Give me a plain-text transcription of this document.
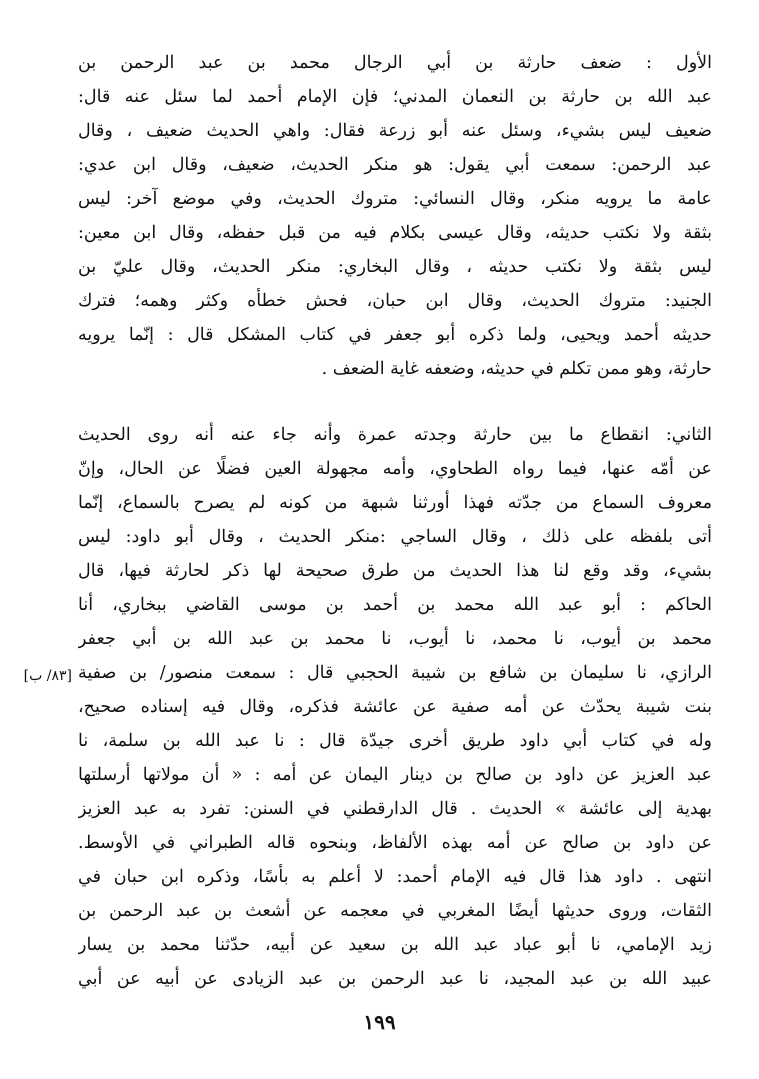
الأول : ضعف حارثة بن أبي الرجال محمد بن عبد الرحمن بن
عبد الله بن حارثة بن النعمان المدني؛ فإن الإمام أحمد لما سئل عنه قال:
ضعيف ليس بشيء، وسئل عنه أبو زرعة فقال: واهي الحديث ضعيف ، وقال
عبد الرحمن: سمعت أبي يقول: هو منكر الحديث، ضعيف، وقال ابن عدي:
عامة ما يرويه منكر، وقال النسائي: متروك الحديث، وفي موضع آخر: ليس
بثقة ولا نكتب حديثه، وقال عيسى بكلام فيه من قبل حفظه، وقال ابن معين:
ليس بثقة ولا نكتب حديثه ، وقال البخاري: منكر الحديث، وقال عليّ بن
الجنيد: متروك الحديث، وقال ابن حبان، فحش خطأه وكثر وهمه؛ فترك
حديثه أحمد ويحيى، ولما ذكره أبو جعفر في كتاب المشكل قال : إنّما يرويه
حارثة، وهو ممن تكلم في حديثه، وضعفه غاية الضعف .
الثاني: انقطاع ما بين حارثة وجدته عمرة وأنه جاء عنه أنه روى الحديث
عن أمّه عنها، فيما رواه الطحاوي، وأمه مجهولة العين فضلًا عن الحال، وإنّ
معروف السماع من جدّته فهذا أورثنا شبهة من كونه لم يصرح بالسماع، إنّما
أتى بلفظه على ذلك ، وقال الساجي :منكر الحديث ، وقال أبو داود: ليس
بشيء، وقد وقع لنا هذا الحديث من طرق صحيحة لها ذكر لحارثة فيها، قال
الحاكم : أبو عبد الله محمد بن أحمد بن موسى القاضي ببخاري، أنا
محمد بن أيوب، نا محمد، نا أيوب، نا محمد بن عبد الله بن أبي جعفر
الرازي، نا سليمان بن شافع بن شيبة الحجبي قال : سمعت منصور/ بن صفية
بنت شيبة يحدّث عن أمه صفية عن عائشة فذكره، وقال فيه إسناده صحيح،
وله في كتاب أبي داود طريق أخرى جيدّة قال : نا عبد الله بن سلمة، نا
عبد العزيز عن داود بن صالح بن دينار اليمان عن أمه : « أن مولاتها أرسلتها
بهدية إلى عائشة » الحديث . قال الدارقطني في السنن: تفرد به عبد العزيز
عن داود بن صالح عن أمه بهذه الألفاظ، وبنحوه قاله الطبراني في الأوسط.
انتهى . داود هذا قال فيه الإمام أحمد: لا أعلم به بأسًا، وذكره ابن حبان في
الثقات، وروى حديثها أيضًا المغربي في معجمه عن أشعث بن عبد الرحمن بن
زيد الإمامي، نا أبو عباد عبد الله بن سعيد عن أبيه، حدّثنا محمد بن يسار
عبيد الله بن عبد المجيد، نا عبد الرحمن بن عبد الزيادى عن أبيه عن أبي
[٨٣/ ب]
١٩٩
